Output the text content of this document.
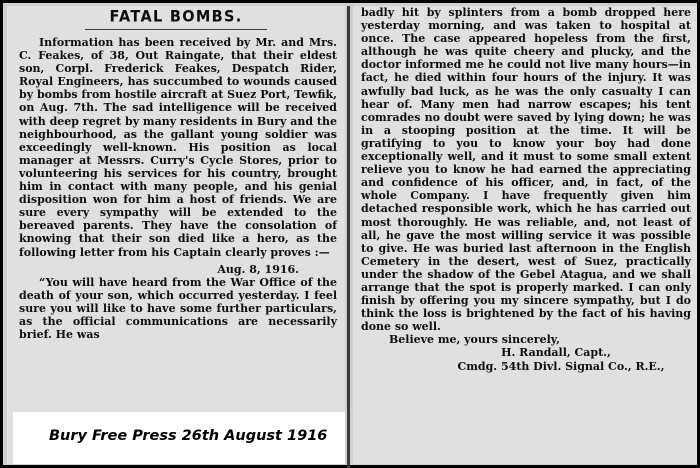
FATAL BOMBS.

Information has been received by Mr. and Mrs. C. Feakes, of 38, Out Raingate, that their eldest son, Corpl. Frederick Feakes, Despatch Rider, Royal Engineers, has succumbed to wounds caused by bombs from hostile aircraft at Suez Port, Tewfik, on Aug. 7th. The sad intelligence will be received with deep regret by many residents in Bury and the neighbourhood, as the gallant young soldier was exceedingly well-known. His position as local manager at Messrs. Curry's Cycle Stores, prior to volunteering his services for his country, brought him in contact with many people, and his genial disposition won for him a host of friends. We are sure every sympathy will be extended to the bereaved parents. They have the consolation of knowing that their son died like a hero, as the following letter from his Captain clearly proves :—

Aug. 8, 1916.

“You will have heard from the War Office of the death of your son, which occurred yesterday. I feel sure you will like to have some further particulars, as the official communications are necessarily brief. He was

Bury Free Press 26th August 1916

badly hit by splinters from a bomb dropped here yesterday morning, and was taken to hospital at once. The case appeared hopeless from the first, although he was quite cheery and plucky, and the doctor informed me he could not live many hours—in fact, he died within four hours of the injury. It was awfully bad luck, as he was the only casualty I can hear of. Many men had narrow escapes; his tent comrades no doubt were saved by lying down; he was in a stooping position at the time. It will be gratifying to you to know your boy had done exceptionally well, and it must to some small extent relieve you to know he had earned the appreciating and confidence of his officer, and, in fact, of the whole Company. I have frequently given him detached responsible work, which he has carried out most thoroughly. He was reliable, and, not least of all, he gave the most willing service it was possible to give. He was buried last afternoon in the English Cemetery in the desert, west of Suez, practically under the shadow of the Gebel Atagua, and we shall arrange that the spot is properly marked. I can only finish by offering you my sincere sympathy, but I do think the loss is brightened by the fact of his having done so well.

Believe me, yours sincerely,

H. Randall, Capt.,

Cmdg. 54th Divl. Signal Co., R.E.,
